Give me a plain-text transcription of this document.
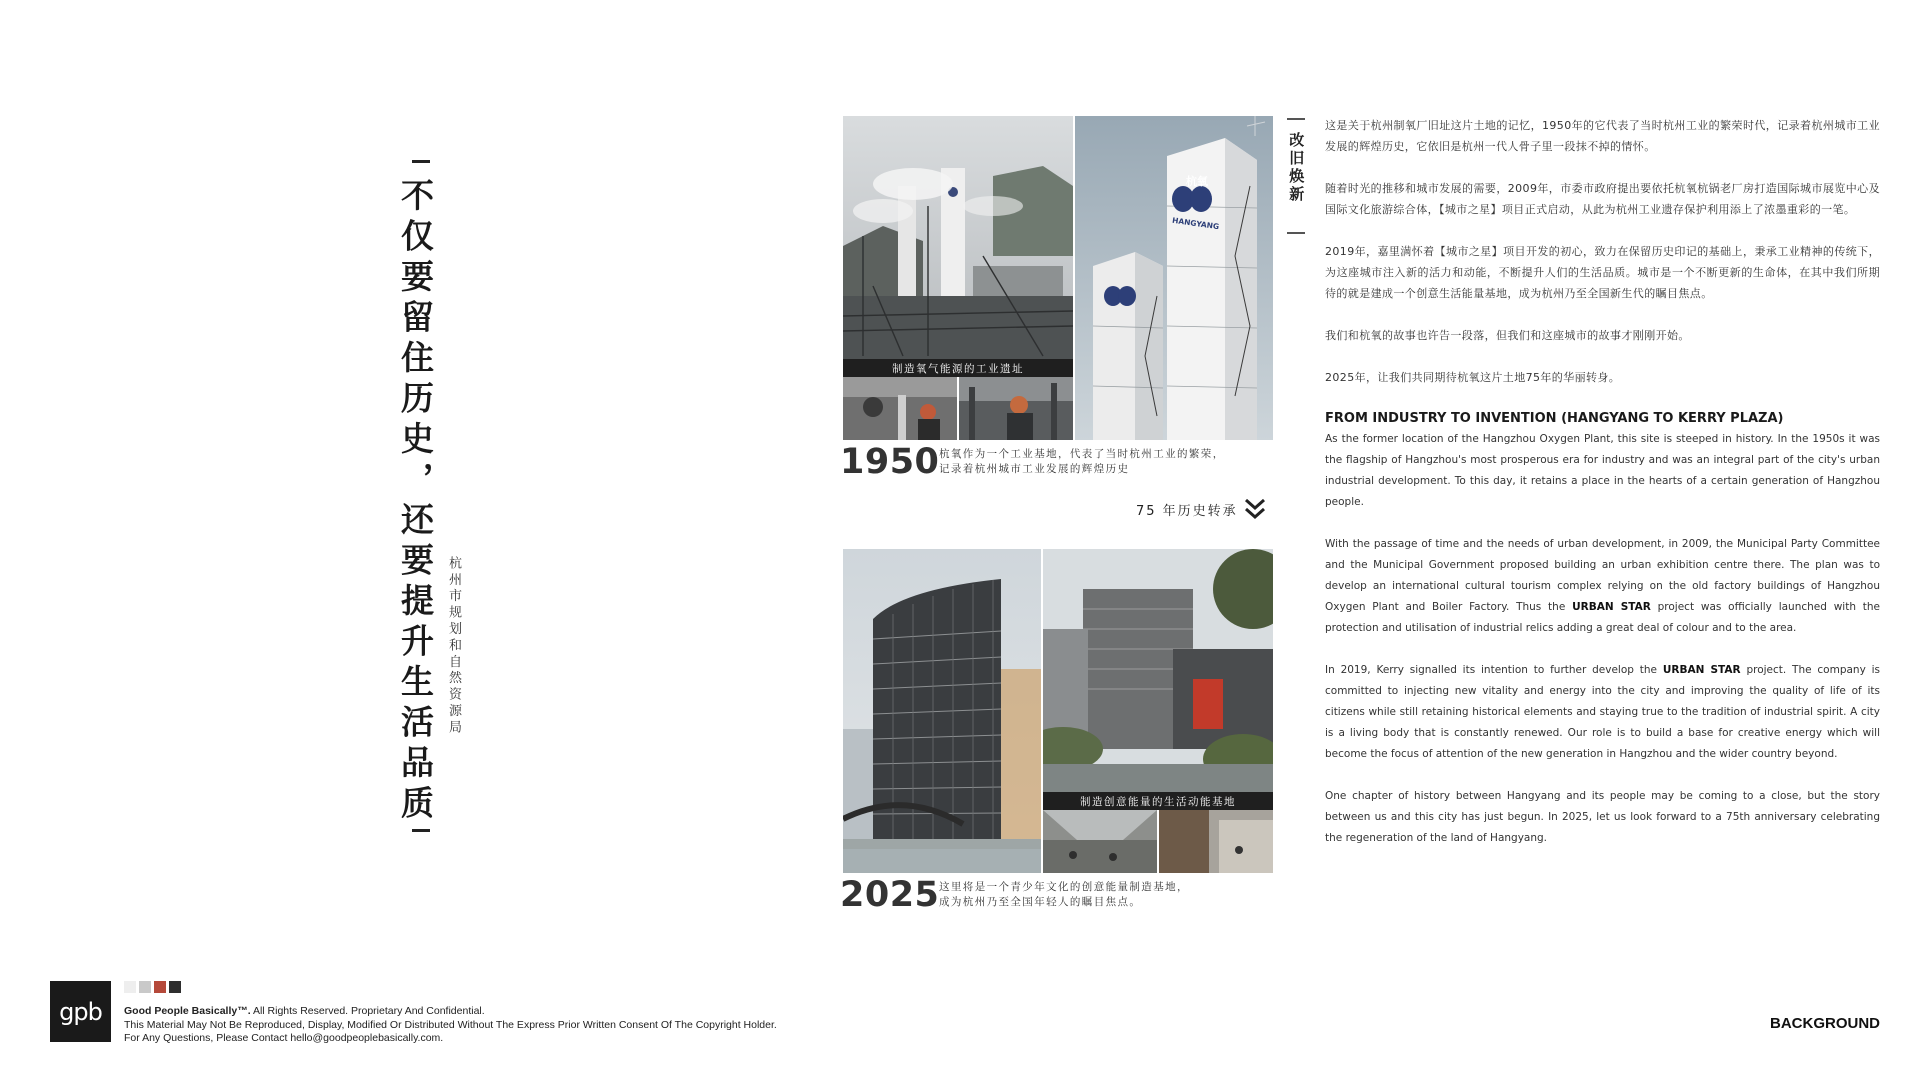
不仅要留住历史，还要提升生活品质 杭州市规划和自然资源局
制造氧气能源的工业遗址
杭氧
HANGYANG
1950 杭氧作为一个工业基地，代表了当时杭州工业的繁荣，
记录着杭州城市工业发展的辉煌历史
75 年历史转承
制造创意能量的生活动能基地
2025 这里将是一个青少年文化的创意能量制造基地，
成为杭州乃至全国年轻人的瞩目焦点。
改旧焕新

这是关于杭州制氧厂旧址这片土地的记忆，1950年的它代表了当时杭州工业的繁荣时代，记录着杭州城市工业发展的辉煌历史，它依旧是杭州一代人骨子里一段抹不掉的情怀。

随着时光的推移和城市发展的需要，2009年，市委市政府提出要依托杭氧杭锅老厂房打造国际城市展览中心及国际文化旅游综合体，【城市之星】项目正式启动，从此为杭州工业遗存保护利用添上了浓墨重彩的一笔。

2019年，嘉里满怀着【城市之星】项目开发的初心，致力在保留历史印记的基础上，秉承工业精神的传统下，为这座城市注入新的活力和动能，不断提升人们的生活品质。城市是一个不断更新的生命体，在其中我们所期待的就是建成一个创意生活能量基地，成为杭州乃至全国新生代的瞩目焦点。

我们和杭氧的故事也许告一段落，但我们和这座城市的故事才刚刚开始。

2025年，让我们共同期待杭氧这片土地75年的华丽转身。

FROM INDUSTRY TO INVENTION (HANGYANG TO KERRY PLAZA)

As the former location of the Hangzhou Oxygen Plant, this site is steeped in history. In the 1950s it was the flagship of Hangzhou's most prosperous era for industry and was an integral part of the city's urban industrial development. To this day, it retains a place in the hearts of a certain generation of Hangzhou people.

With the passage of time and the needs of urban development, in 2009, the Municipal Party Committee and the Municipal Government proposed building an urban exhibition centre there. The plan was to develop an international cultural tourism complex relying on the old factory buildings of Hangzhou Oxygen Plant and Boiler Factory. Thus the URBAN STAR project was officially launched with the protection and utilisation of industrial relics adding a great deal of colour and to the area.

In 2019, Kerry signalled its intention to further develop the URBAN STAR project. The company is committed to injecting new vitality and energy into the city and improving the quality of life of its citizens while still retaining historical elements and staying true to the tradition of industrial spirit. A city is a living body that is constantly renewed. Our role is to build a base for creative energy which will become the focus of attention of the new generation in Hangzhou and the wider country beyond.

One chapter of history between Hangyang and its people may be coming to a close, but the story between us and this city has just begun. In 2025, let us look forward to a 75th anniversary celebrating the regeneration of the land of Hangyang.

gpb	Good People Basically™. All Rights Reserved. Proprietary And Confidential.
This Material May Not Be Reproduced, Display, Modified Or Distributed Without The Express Prior Written Consent Of The Copyright Holder.
For Any Questions, Please Contact hello@goodpeoplebasically.com.
BACKGROUND
